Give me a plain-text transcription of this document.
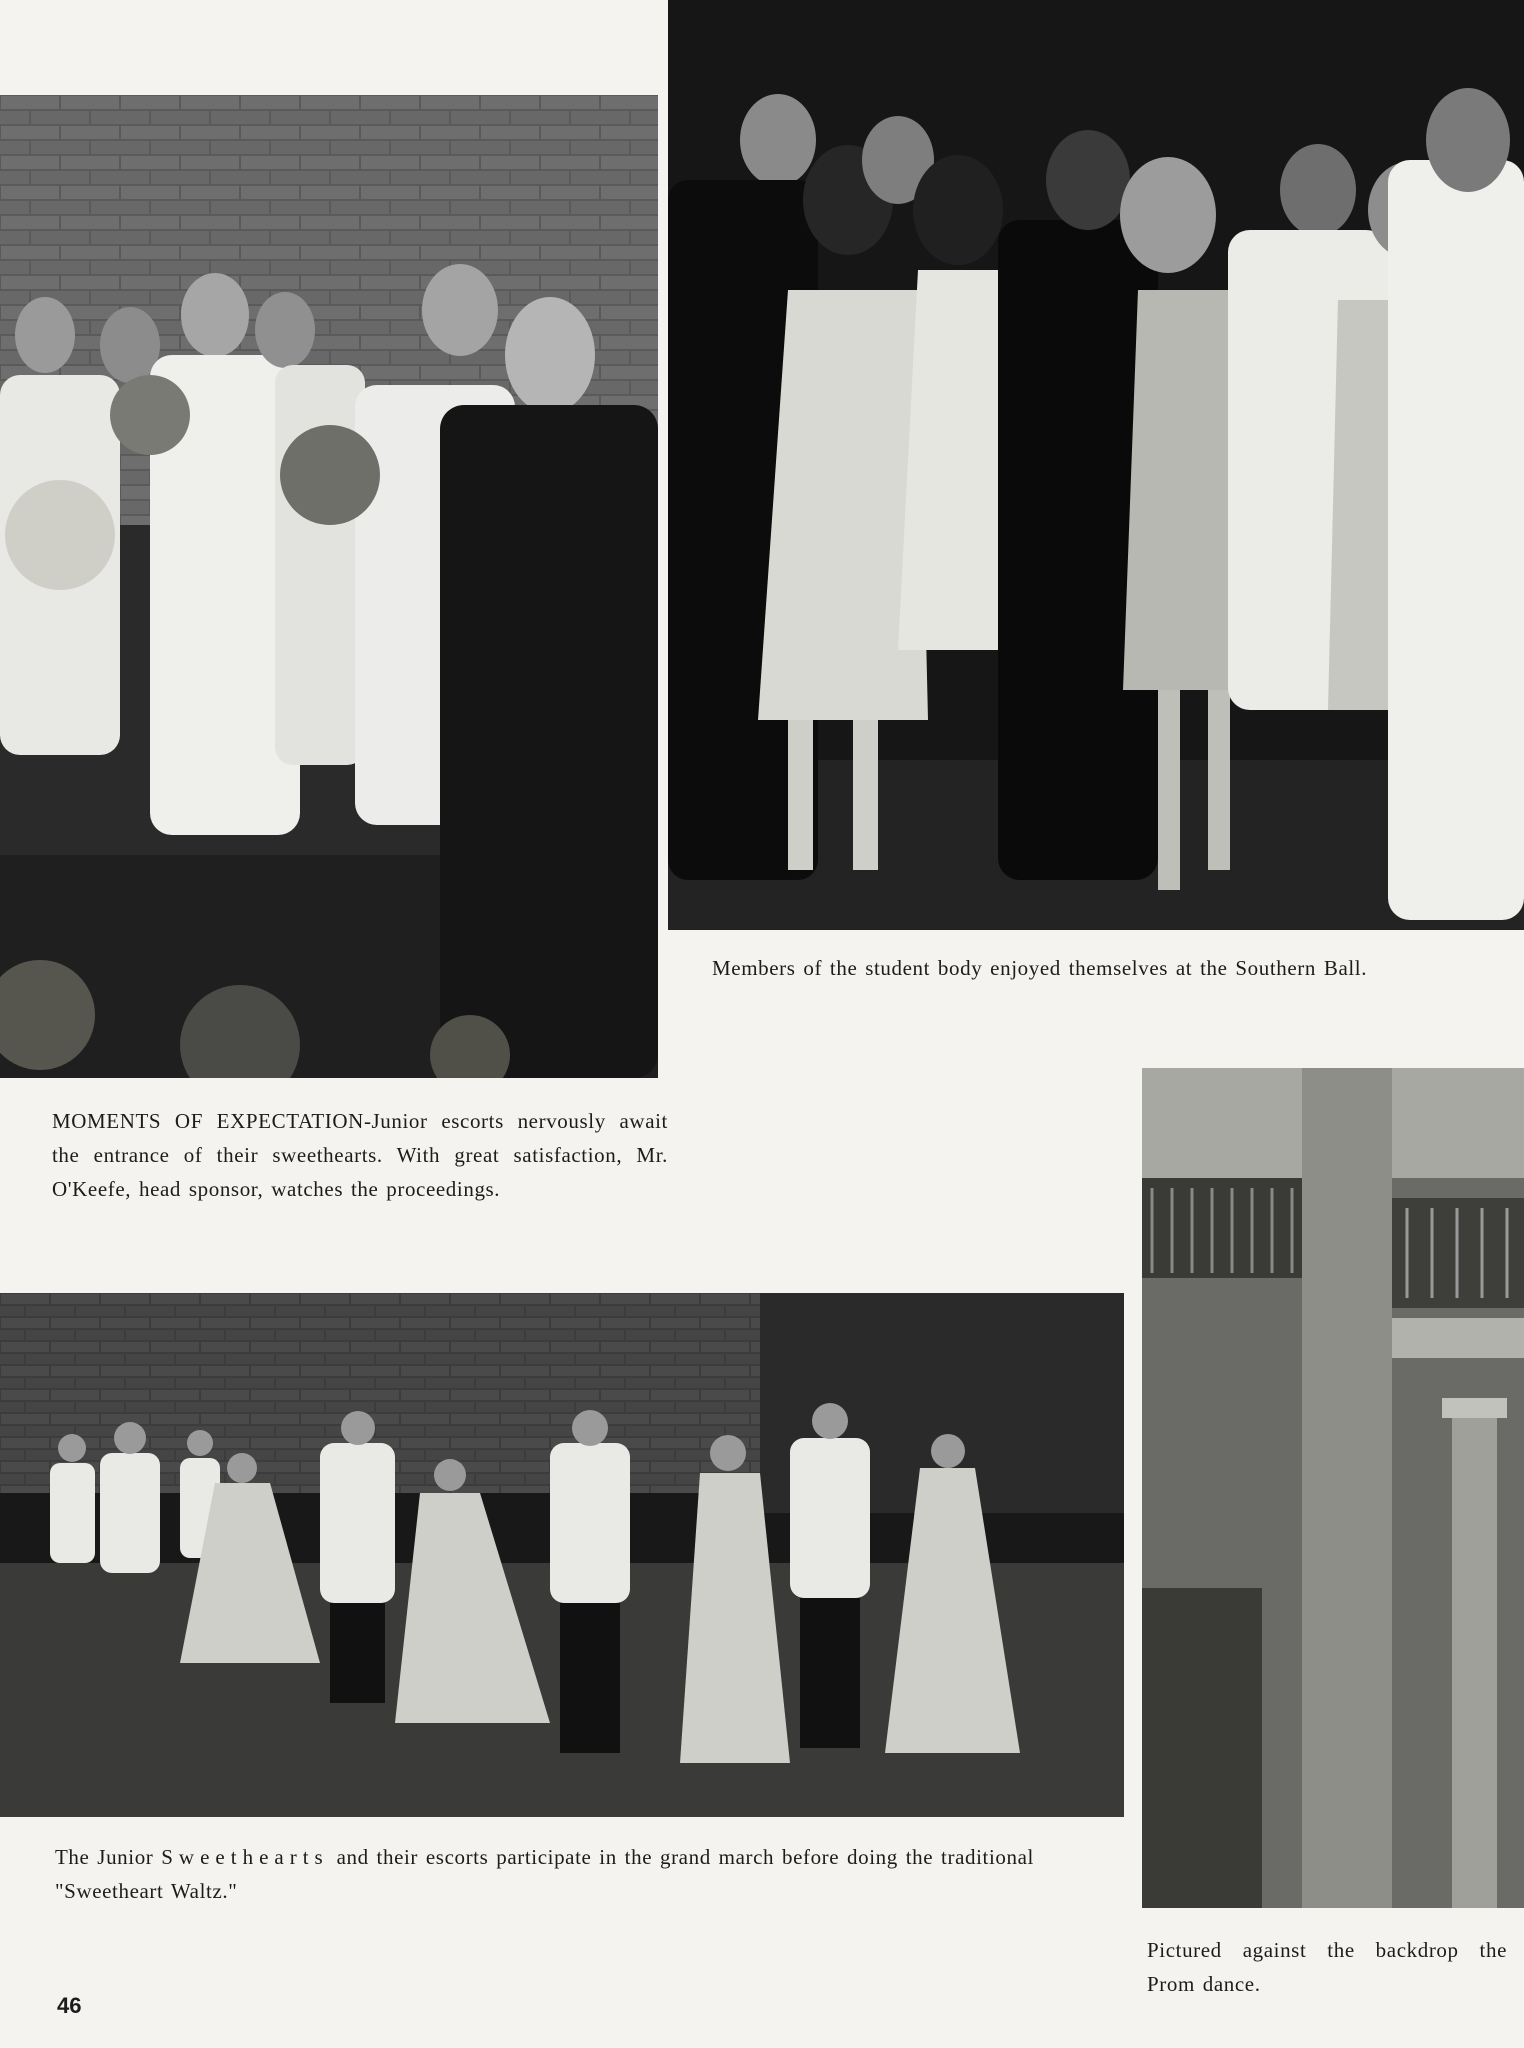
Members of the student body enjoyed themselves at the Southern Ball.

MOMENTS OF EXPECTATION-Junior escorts nervously await the entrance of their sweethearts. With great satisfaction, Mr. O'Keefe, head sponsor, watches the proceedings.

The Junior Sweethearts and their escorts participate in the grand march before doing the traditional "Sweetheart Waltz."

Pictured against the backdrop the Prom dance.

46
